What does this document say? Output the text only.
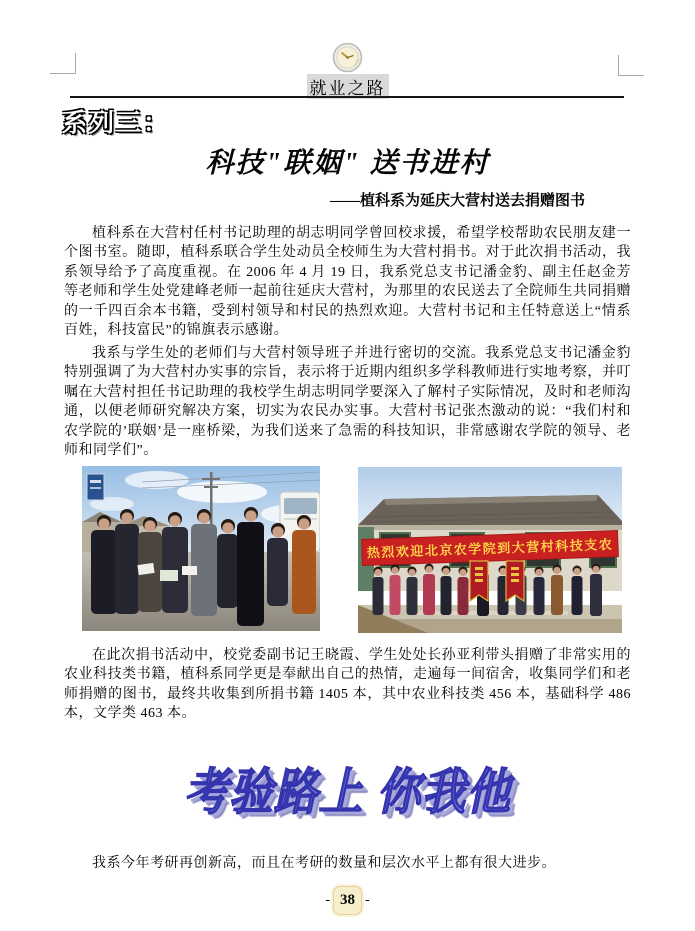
就业之路
系列三：
科技"联姻" 送书进村
——植科系为延庆大营村送去捐赠图书

植科系在大营村任村书记助理的胡志明同学曾回校求援，希望学校帮助农民朋友建一个图书室。随即，植科系联合学生处动员全校师生为大营村捐书。对于此次捐书活动，我系领导给予了高度重视。在 2006 年 4 月 19 日，我系党总支书记潘金豹、副主任赵金芳等老师和学生处党建峰老师一起前往延庆大营村，为那里的农民送去了全院师生共同捐赠的一千四百余本书籍，受到村领导和村民的热烈欢迎。大营村书记和主任特意送上“情系百姓，科技富民”的锦旗表示感谢。

我系与学生处的老师们与大营村领导班子并进行密切的交流。我系党总支书记潘金豹特别强调了为大营村办实事的宗旨，表示将于近期内组织多学科教师进行实地考察，并叮嘱在大营村担任书记助理的我校学生胡志明同学要深入了解村子实际情况，及时和老师沟通，以便老师研究解决方案，切实为农民办实事。大营村书记张杰激动的说：“我们村和农学院的’联姻’是一座桥梁，为我们送来了急需的科技知识，非常感谢农学院的领导、老师和同学们”。

热烈欢迎北京农学院到大营村科技支农

在此次捐书活动中，校党委副书记王晓霞、学生处处长孙亚利带头捐赠了非常实用的农业科技类书籍，植科系同学更是奉献出自己的热情，走遍每一间宿舍，收集同学们和老师捐赠的图书，最终共收集到所捐书籍 1405 本，其中农业科技类 456 本，基础科学 486 本，文学类 463 本。

考验路上 你我他

我系今年考研再创新高，而且在考研的数量和层次水平上都有很大进步。

- 38 -
